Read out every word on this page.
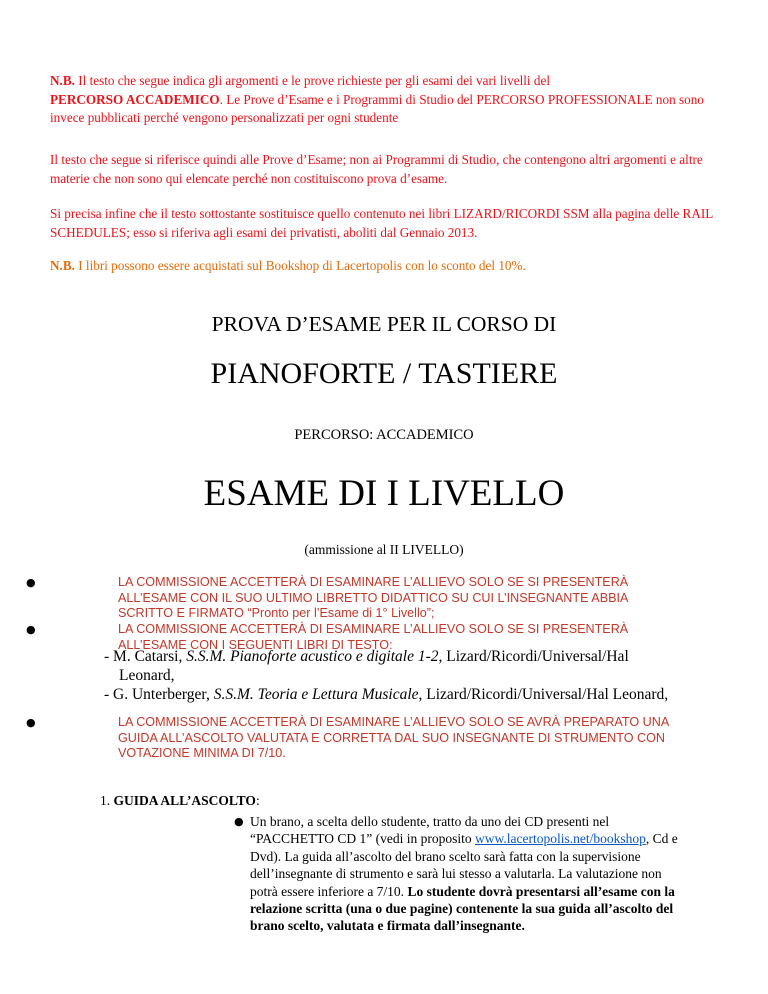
N.B. Il testo che segue indica gli argomenti e le prove richieste per gli esami dei vari livelli del
PERCORSO ACCADEMICO. Le Prove d’Esame e i Programmi di Studio del PERCORSO PROFESSIONALE non sono invece pubblicati perché vengono personalizzati per ogni studente
Il testo che segue si riferisce quindi alle Prove d’Esame; non ai Programmi di Studio, che contengono altri argomenti e altre materie che non sono qui elencate perché non costituiscono prova d’esame.
Si precisa infine che il testo sottostante sostituisce quello contenuto nei libri LIZARD/RICORDI SSM alla pagina delle RAIL SCHEDULES; esso si riferiva agli esami dei privatisti, aboliti dal Gennaio 2013.
N.B. I libri possono essere acquistati sul Bookshop di Lacertopolis con lo sconto del 10%.
PROVA D’ESAME PER IL CORSO DI
PIANOFORTE / TASTIERE
PERCORSO: ACCADEMICO
ESAME DI I LIVELLO
(ammissione al II LIVELLO)
●	LA COMMISSIONE ACCETTERÀ DI ESAMINARE L’ALLIEVO SOLO SE SI PRESENTERÀ ALL’ESAME CON IL SUO ULTIMO LIBRETTO DIDATTICO SU CUI L’INSEGNANTE ABBIA SCRITTO E FIRMATO “Pronto per l’Esame di 1° Livello”;
●	LA COMMISSIONE ACCETTERÀ DI ESAMINARE L’ALLIEVO SOLO SE SI PRESENTERÀ ALL’ESAME CON I SEGUENTI LIBRI DI TESTO:
- M. Catarsi, S.S.M. Pianoforte acustico e digitale 1-2, Lizard/Ricordi/Universal/Hal Leonard,
- G. Unterberger, S.S.M. Teoria e Lettura Musicale, Lizard/Ricordi/Universal/Hal Leonard,
●	LA COMMISSIONE ACCETTERÀ DI ESAMINARE L’ALLIEVO SOLO SE AVRÀ PREPARATO UNA GUIDA ALL’ASCOLTO VALUTATA E CORRETTA DAL SUO INSEGNANTE DI STRUMENTO CON VOTAZIONE MINIMA DI 7/10.
1. GUIDA ALL’ASCOLTO:
● Un brano, a scelta dello studente, tratto da uno dei CD presenti nel “PACCHETTO CD 1” (vedi in proposito www.lacertopolis.net/bookshop, Cd e Dvd). La guida all’ascolto del brano scelto sarà fatta con la supervisione dell’insegnante di strumento e sarà lui stesso a valutarla. La valutazione non potrà essere inferiore a 7/10. Lo studente dovrà presentarsi all’esame con la relazione scritta (una o due pagine) contenente la sua guida all’ascolto del brano scelto, valutata e firmata dall’insegnante.
